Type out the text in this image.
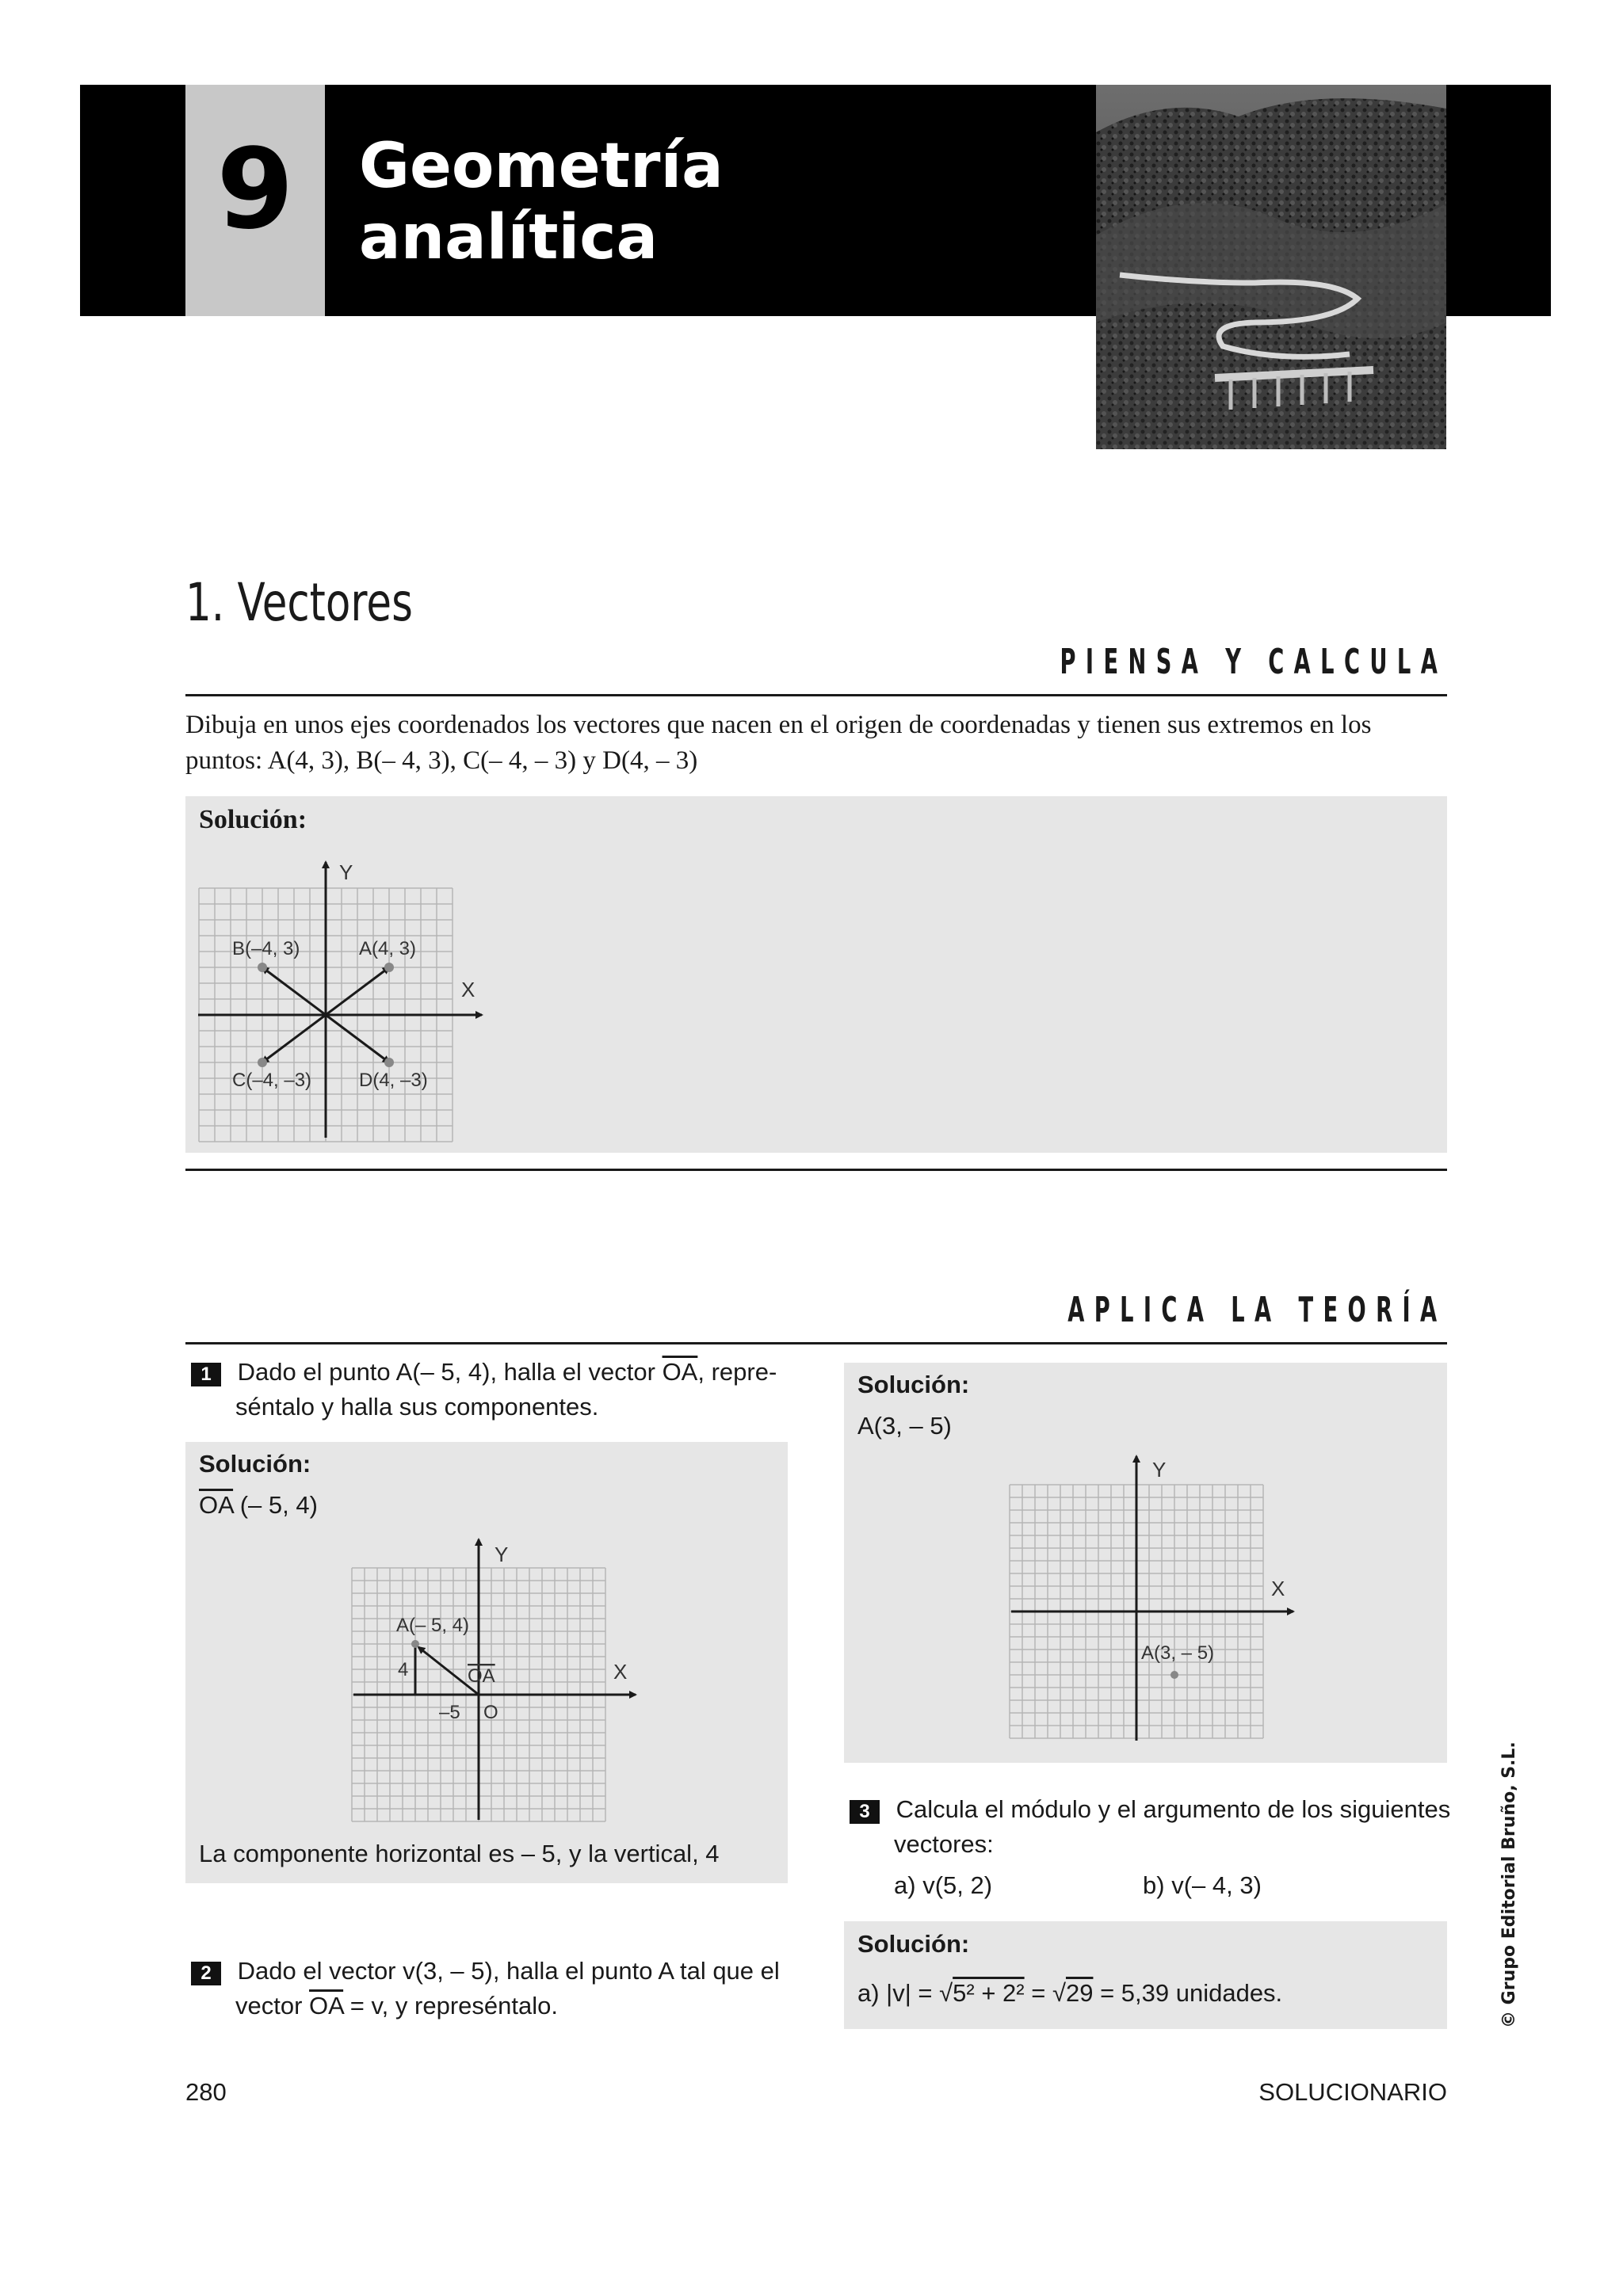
9	Geometría
analítica
1. Vectores
PIENSA Y CALCULA
Dibuja en unos ejes coordenados los vectores que nacen en el origen de coordenadas y tienen sus extremos en los puntos: A(4, 3), B(– 4, 3), C(– 4, – 3) y D(4, – 3)
Solución:
X
Y
A(4, 3)
B(–4, 3)
C(–4, –3) D(4, –3)
APLICA LA TEORÍA
1 Dado el punto A(– 5, 4), halla el vector $\overline{OA}$, repre-
séntalo y halla sus componentes.
Solución:
$\overline{OA}$ (– 5, 4)
X
Y
A(– 5, 4)
OA
4
–5 O
La componente horizontal es – 5, y la vertical, 4
2 Dado el vector v(3, – 5), halla el punto A tal que el
vector $\overline{OA} = v$, y represéntalo.
Solución:
A(3, – 5)
X
Y
A(3, – 5)
3 Calcula el módulo y el argumento de los siguientes
vectores:
a) v(5, 2)	b) v(– 4, 3)
Solución:
a) |v| = √5² + 2² = √29 = 5,39 unidades.	© Grupo Editorial Bruño, S.L.
280	SOLUCIONARIO
